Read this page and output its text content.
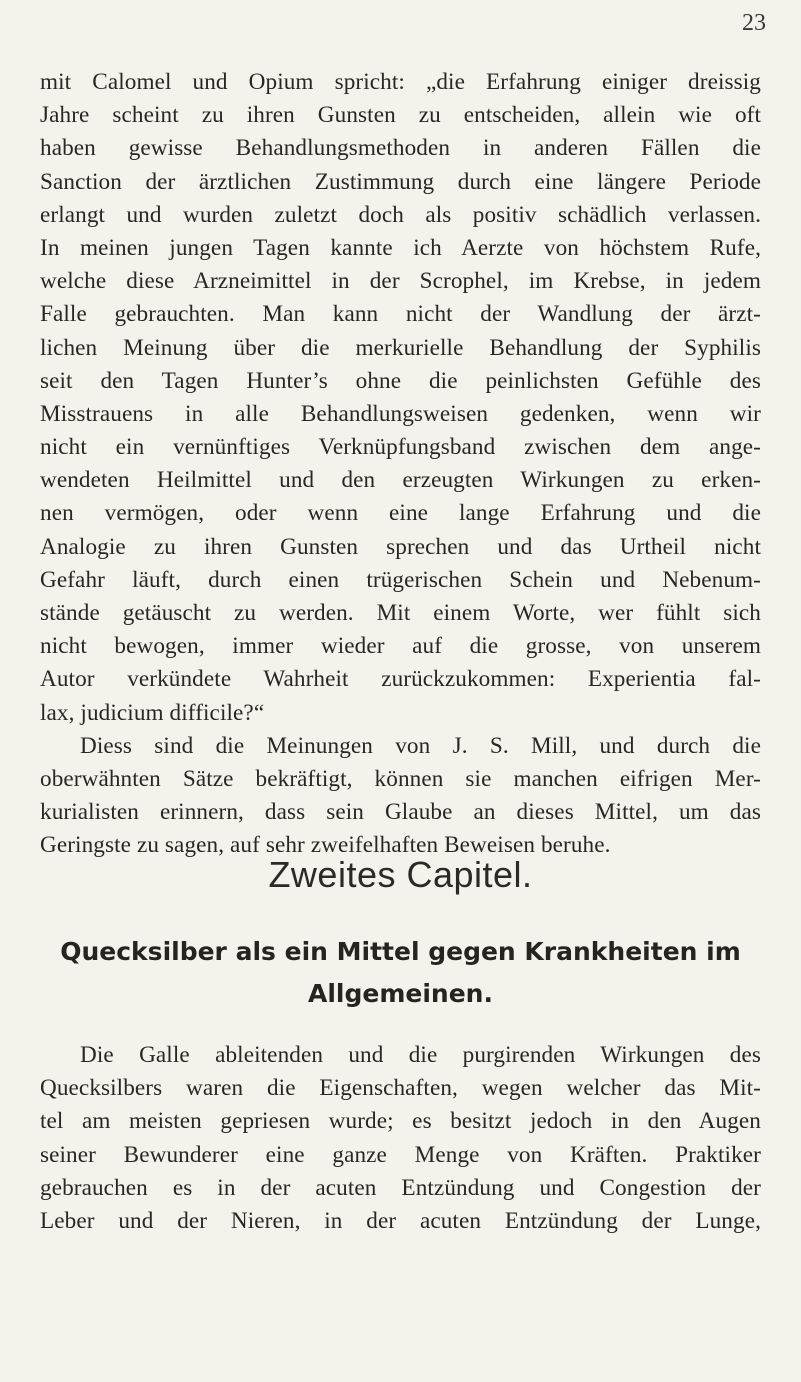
23
mit Calomel und Opium spricht: „die Erfahrung einiger dreissig
Jahre scheint zu ihren Gunsten zu entscheiden, allein wie oft
haben gewisse Behandlungsmethoden in anderen Fällen die
Sanction der ärztlichen Zustimmung durch eine längere Periode
erlangt und wurden zuletzt doch als positiv schädlich verlassen.
In meinen jungen Tagen kannte ich Aerzte von höchstem Rufe,
welche diese Arzneimittel in der Scrophel, im Krebse, in jedem
Falle gebrauchten. Man kann nicht der Wandlung der ärzt-
lichen Meinung über die merkurielle Behandlung der Syphilis
seit den Tagen Hunter’s ohne die peinlichsten Gefühle des
Misstrauens in alle Behandlungsweisen gedenken, wenn wir
nicht ein vernünftiges Verknüpfungsband zwischen dem ange-
wendeten Heilmittel und den erzeugten Wirkungen zu erken-
nen vermögen, oder wenn eine lange Erfahrung und die
Analogie zu ihren Gunsten sprechen und das Urtheil nicht
Gefahr läuft, durch einen trügerischen Schein und Nebenum-
stände getäuscht zu werden. Mit einem Worte, wer fühlt sich
nicht bewogen, immer wieder auf die grosse, von unserem
Autor verkündete Wahrheit zurückzukommen: Experientia fal-
lax, judicium difficile?“
Diess sind die Meinungen von J. S. Mill, und durch die
oberwähnten Sätze bekräftigt, können sie manchen eifrigen Mer-
kurialisten erinnern, dass sein Glaube an dieses Mittel, um das
Geringste zu sagen, auf sehr zweifelhaften Beweisen beruhe.
Zweites Capitel.
Quecksilber als ein Mittel gegen Krankheiten im
Allgemeinen.
Die Galle ableitenden und die purgirenden Wirkungen des
Quecksilbers waren die Eigenschaften, wegen welcher das Mit-
tel am meisten gepriesen wurde; es besitzt jedoch in den Augen
seiner Bewunderer eine ganze Menge von Kräften. Praktiker
gebrauchen es in der acuten Entzündung und Congestion der
Leber und der Nieren, in der acuten Entzündung der Lunge,
